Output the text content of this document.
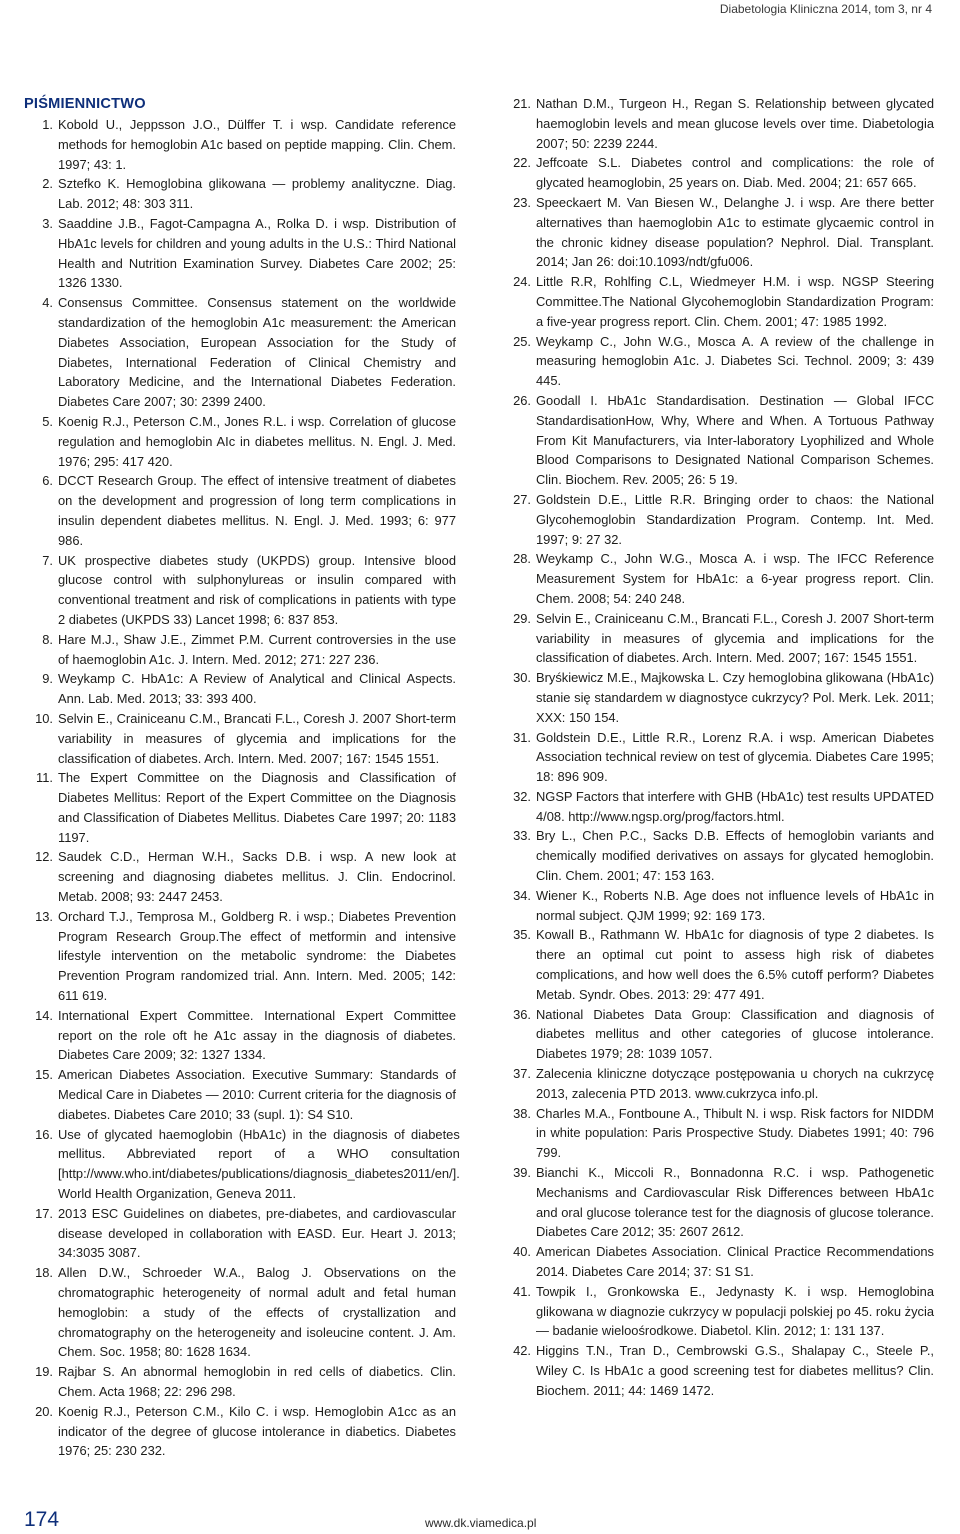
Diabetologia Kliniczna 2014, tom 3, nr 4
PIŚMIENNICTWO
1. Kobold U., Jeppsson J.O., Dülffer T. i wsp. Candidate reference methods for hemoglobin A1c based on peptide mapping. Clin. Chem. 1997; 43: 1.
2. Sztefko K. Hemoglobina glikowana — problemy analityczne. Diag. Lab. 2012; 48: 303 311.
3. Saaddine J.B., Fagot-Campagna A., Rolka D. i wsp. Distribution of HbA1c levels for children and young adults in the U.S.: Third National Health and Nutrition Examination Survey. Diabetes Care 2002; 25: 1326 1330.
4. Consensus Committee. Consensus statement on the worldwide standardization of the hemoglobin A1c measurement: the American Diabetes Association, European Association for the Study of Diabetes, International Federation of Clinical Chemistry and Laboratory Medicine, and the International Diabetes Federation. Diabetes Care 2007; 30: 2399 2400.
5. Koenig R.J., Peterson C.M., Jones R.L. i wsp. Correlation of glucose regulation and hemoglobin AIc in diabetes mellitus. N. Engl. J. Med. 1976; 295: 417 420.
6. DCCT Research Group. The effect of intensive treatment of diabetes on the development and progression of long term complications in insulin dependent diabetes mellitus. N. Engl. J. Med. 1993; 6: 977 986.
7. UK prospective diabetes study (UKPDS) group. Intensive blood glucose control with sulphonylureas or insulin compared with conventional treatment and risk of complications in patients with type 2 diabetes (UKPDS 33) Lancet 1998; 6: 837 853.
8. Hare M.J., Shaw J.E., Zimmet P.M. Current controversies in the use of haemoglobin A1c. J. Intern. Med. 2012; 271: 227 236.
9. Weykamp C. HbA1c: A Review of Analytical and Clinical Aspects. Ann. Lab. Med. 2013; 33: 393 400.
10. Selvin E., Crainiceanu C.M., Brancati F.L., Coresh J. 2007 Short-term variability in measures of glycemia and implications for the classification of diabetes. Arch. Intern. Med. 2007; 167: 1545 1551.
11. The Expert Committee on the Diagnosis and Classification of Diabetes Mellitus: Report of the Expert Committee on the Diagnosis and Classification of Diabetes Mellitus. Diabetes Care 1997; 20: 1183 1197.
12. Saudek C.D., Herman W.H., Sacks D.B. i wsp. A new look at screening and diagnosing diabetes mellitus. J. Clin. Endocrinol. Metab. 2008; 93: 2447 2453.
13. Orchard T.J., Temprosa M., Goldberg R. i wsp.; Diabetes Prevention Program Research Group.The effect of metformin and intensive lifestyle intervention on the metabolic syndrome: the Diabetes Prevention Program randomized trial. Ann. Intern. Med. 2005; 142: 611 619.
14. International Expert Committee. International Expert Committee report on the role oft he A1c assay in the diagnosis of diabetes. Diabetes Care 2009; 32: 1327 1334.
15. American Diabetes Association. Executive Summary: Standards of Medical Care in Diabetes — 2010: Current criteria for the diagnosis of diabetes. Diabetes Care 2010; 33 (supl. 1): S4 S10.
16. Use of glycated haemoglobin (HbA1c) in the diagnosis of diabetes mellitus. Abbreviated report of a WHO consultation [http://www.who.int/diabetes/publications/diagnosis_diabetes2011/en/]. World Health Organization, Geneva 2011.
17. 2013 ESC Guidelines on diabetes, pre-diabetes, and cardiovascular disease developed in collaboration with EASD. Eur. Heart J. 2013; 34:3035 3087.
18. Allen D.W., Schroeder W.A., Balog J. Observations on the chromatographic heterogeneity of normal adult and fetal human hemoglobin: a study of the effects of crystallization and chromatography on the heterogeneity and isoleucine content. J. Am. Chem. Soc. 1958; 80: 1628 1634.
19. Rajbar S. An abnormal hemoglobin in red cells of diabetics. Clin. Chem. Acta 1968; 22: 296 298.
20. Koenig R.J., Peterson C.M., Kilo C. i wsp. Hemoglobin A1cc as an indicator of the degree of glucose intolerance in diabetics. Diabetes 1976; 25: 230 232.
21. Nathan D.M., Turgeon H., Regan S. Relationship between glycated haemoglobin levels and mean glucose levels over time. Diabetologia 2007; 50: 2239 2244.
22. Jeffcoate S.L. Diabetes control and complications: the role of glycated heamoglobin, 25 years on. Diab. Med. 2004; 21: 657 665.
23. Speeckaert M. Van Biesen W., Delanghe J. i wsp. Are there better alternatives than haemoglobin A1c to estimate glycaemic control in the chronic kidney disease population? Nephrol. Dial. Transplant. 2014; Jan 26: doi:10.1093/ndt/gfu006.
24. Little R.R, Rohlfing C.L, Wiedmeyer H.M. i wsp. NGSP Steering Committee.The National Glycohemoglobin Standardization Program: a five-year progress report. Clin. Chem. 2001; 47: 1985 1992.
25. Weykamp C., John W.G., Mosca A. A review of the challenge in measuring hemoglobin A1c. J. Diabetes Sci. Technol. 2009; 3: 439 445.
26. Goodall I. HbA1c Standardisation. Destination — Global IFCC StandardisationHow, Why, Where and When. A Tortuous Pathway From Kit Manufacturers, via Inter-laboratory Lyophilized and Whole Blood Comparisons to Designated National Comparison Schemes. Clin. Biochem. Rev. 2005; 26: 5 19.
27. Goldstein D.E., Little R.R. Bringing order to chaos: the National Glycohemoglobin Standardization Program. Contemp. Int. Med. 1997; 9: 27 32.
28. Weykamp C., John W.G., Mosca A. i wsp. The IFCC Reference Measurement System for HbA1c: a 6-year progress report. Clin. Chem. 2008; 54: 240 248.
29. Selvin E., Crainiceanu C.M., Brancati F.L., Coresh J. 2007 Short-term variability in measures of glycemia and implications for the classification of diabetes. Arch. Intern. Med. 2007; 167: 1545 1551.
30. Bryśkiewicz M.E., Majkowska L. Czy hemoglobina glikowana (HbA1c) stanie się standardem w diagnostyce cukrzycy? Pol. Merk. Lek. 2011; XXX: 150 154.
31. Goldstein D.E., Little R.R., Lorenz R.A. i wsp. American Diabetes Association technical review on test of glycemia. Diabetes Care 1995; 18: 896 909.
32. NGSP Factors that interfere with GHB (HbA1c) test results UPDATED 4/08. http://www.ngsp.org/prog/factors.html.
33. Bry L., Chen P.C., Sacks D.B. Effects of hemoglobin variants and chemically modified derivatives on assays for glycated hemoglobin. Clin. Chem. 2001; 47: 153 163.
34. Wiener K., Roberts N.B. Age does not influence levels of HbA1c in normal subject. QJM 1999; 92: 169 173.
35. Kowall B., Rathmann W. HbA1c for diagnosis of type 2 diabetes. Is there an optimal cut point to assess high risk of diabetes complications, and how well does the 6.5% cutoff perform? Diabetes Metab. Syndr. Obes. 2013: 29: 477 491.
36. National Diabetes Data Group: Classification and diagnosis of diabetes mellitus and other categories of glucose intolerance. Diabetes 1979; 28: 1039 1057.
37. Zalecenia kliniczne dotyczące postępowania u chorych na cukrzycę 2013, zalecenia PTD 2013. www.cukrzyca info.pl.
38. Charles M.A., Fontboune A., Thibult N. i wsp. Risk factors for NIDDM in white population: Paris Prospective Study. Diabetes 1991; 40: 796 799.
39. Bianchi K., Miccoli R., Bonnadonna R.C. i wsp. Pathogenetic Mechanisms and Cardiovascular Risk Differences between HbA1c and oral glucose tolerance test for the diagnosis of glucose tolerance. Diabetes Care 2012; 35: 2607 2612.
40. American Diabetes Association. Clinical Practice Recommendations 2014. Diabetes Care 2014; 37: S1 S1.
41. Towpik I., Gronkowska E., Jedynasty K. i wsp. Hemoglobina glikowana w diagnozie cukrzycy w populacji polskiej po 45. roku życia — badanie wieloośrodkowe. Diabetol. Klin. 2012; 1: 131 137.
42. Higgins T.N., Tran D., Cembrowski G.S., Shalapay C., Steele P., Wiley C. Is HbA1c a good screening test for diabetes mellitus? Clin. Biochem. 2011; 44: 1469 1472.
174	www.dk.viamedica.pl
